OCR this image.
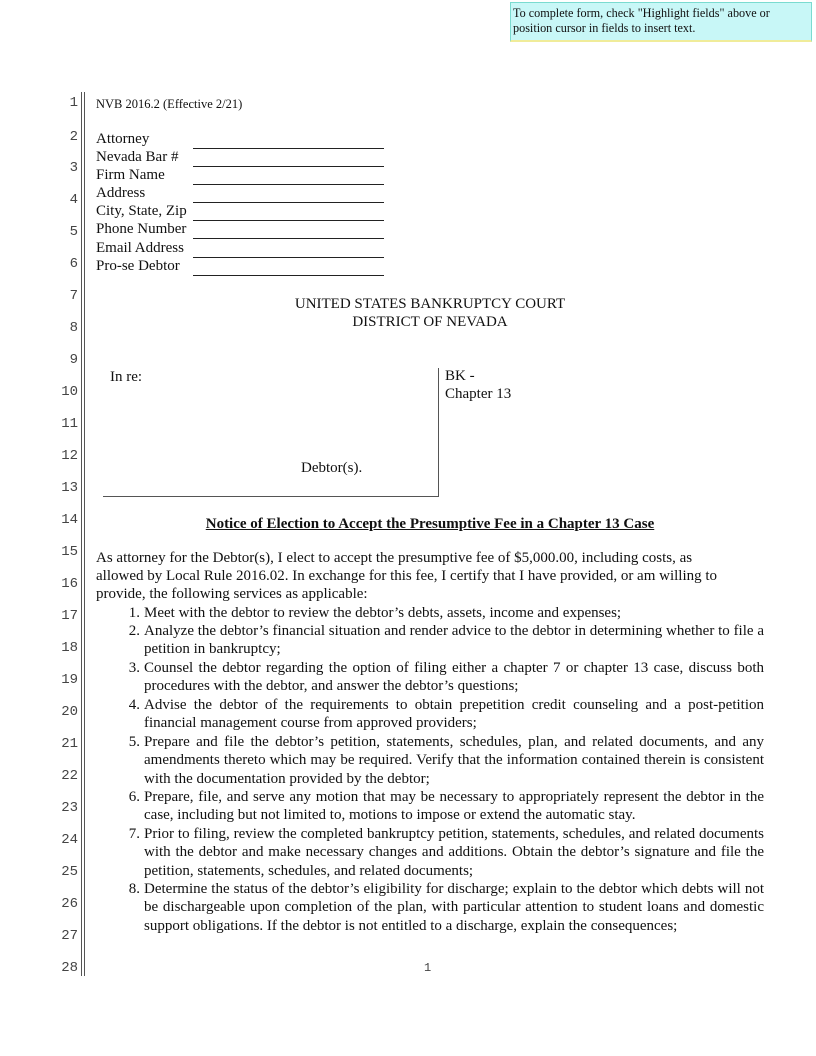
To complete form, check "Highlight fields" above or position cursor in fields to insert text.
1
2
3
4
5
6
7
8
9
10
11
12
13
14
15
16
17
18
19
20
21
22
23
24
25
26
27
28
NVB 2016.2 (Effective 2/21)
Attorney
Nevada Bar #
Firm Name
Address
City, State, Zip
Phone Number
Email Address
Pro-se Debtor
UNITED STATES BANKRUPTCY COURT
DISTRICT OF NEVADA
In re:
Debtor(s).
BK -
Chapter 13
Notice of Election to Accept the Presumptive Fee in a Chapter 13 Case
As attorney for the Debtor(s), I elect to accept the presumptive fee of $5,000.00, including costs, as
allowed by Local Rule 2016.02. In exchange for this fee, I certify that I have provided, or am willing to
provide, the following services as applicable:
1. Meet with the debtor to review the debtor’s debts, assets, income and expenses;
2. Analyze the debtor’s financial situation and render advice to the debtor in determining whether to file a petition in bankruptcy;
3. Counsel the debtor regarding the option of filing either a chapter 7 or chapter 13 case, discuss both procedures with the debtor, and answer the debtor’s questions;
4. Advise the debtor of the requirements to obtain prepetition credit counseling and a post-petition financial management course from approved providers;
5. Prepare and file the debtor’s petition, statements, schedules, plan, and related documents, and any amendments thereto which may be required. Verify that the information contained therein is consistent with the documentation provided by the debtor;
6. Prepare, file, and serve any motion that may be necessary to appropriately represent the debtor in the case, including but not limited to, motions to impose or extend the automatic stay.
7. Prior to filing, review the completed bankruptcy petition, statements, schedules, and related documents with the debtor and make necessary changes and additions. Obtain the debtor’s signature and file the petition, statements, schedules, and related documents;
8. Determine the status of the debtor’s eligibility for discharge; explain to the debtor which debts will not be dischargeable upon completion of the plan, with particular attention to student loans and domestic support obligations. If the debtor is not entitled to a discharge, explain the consequences;
1
